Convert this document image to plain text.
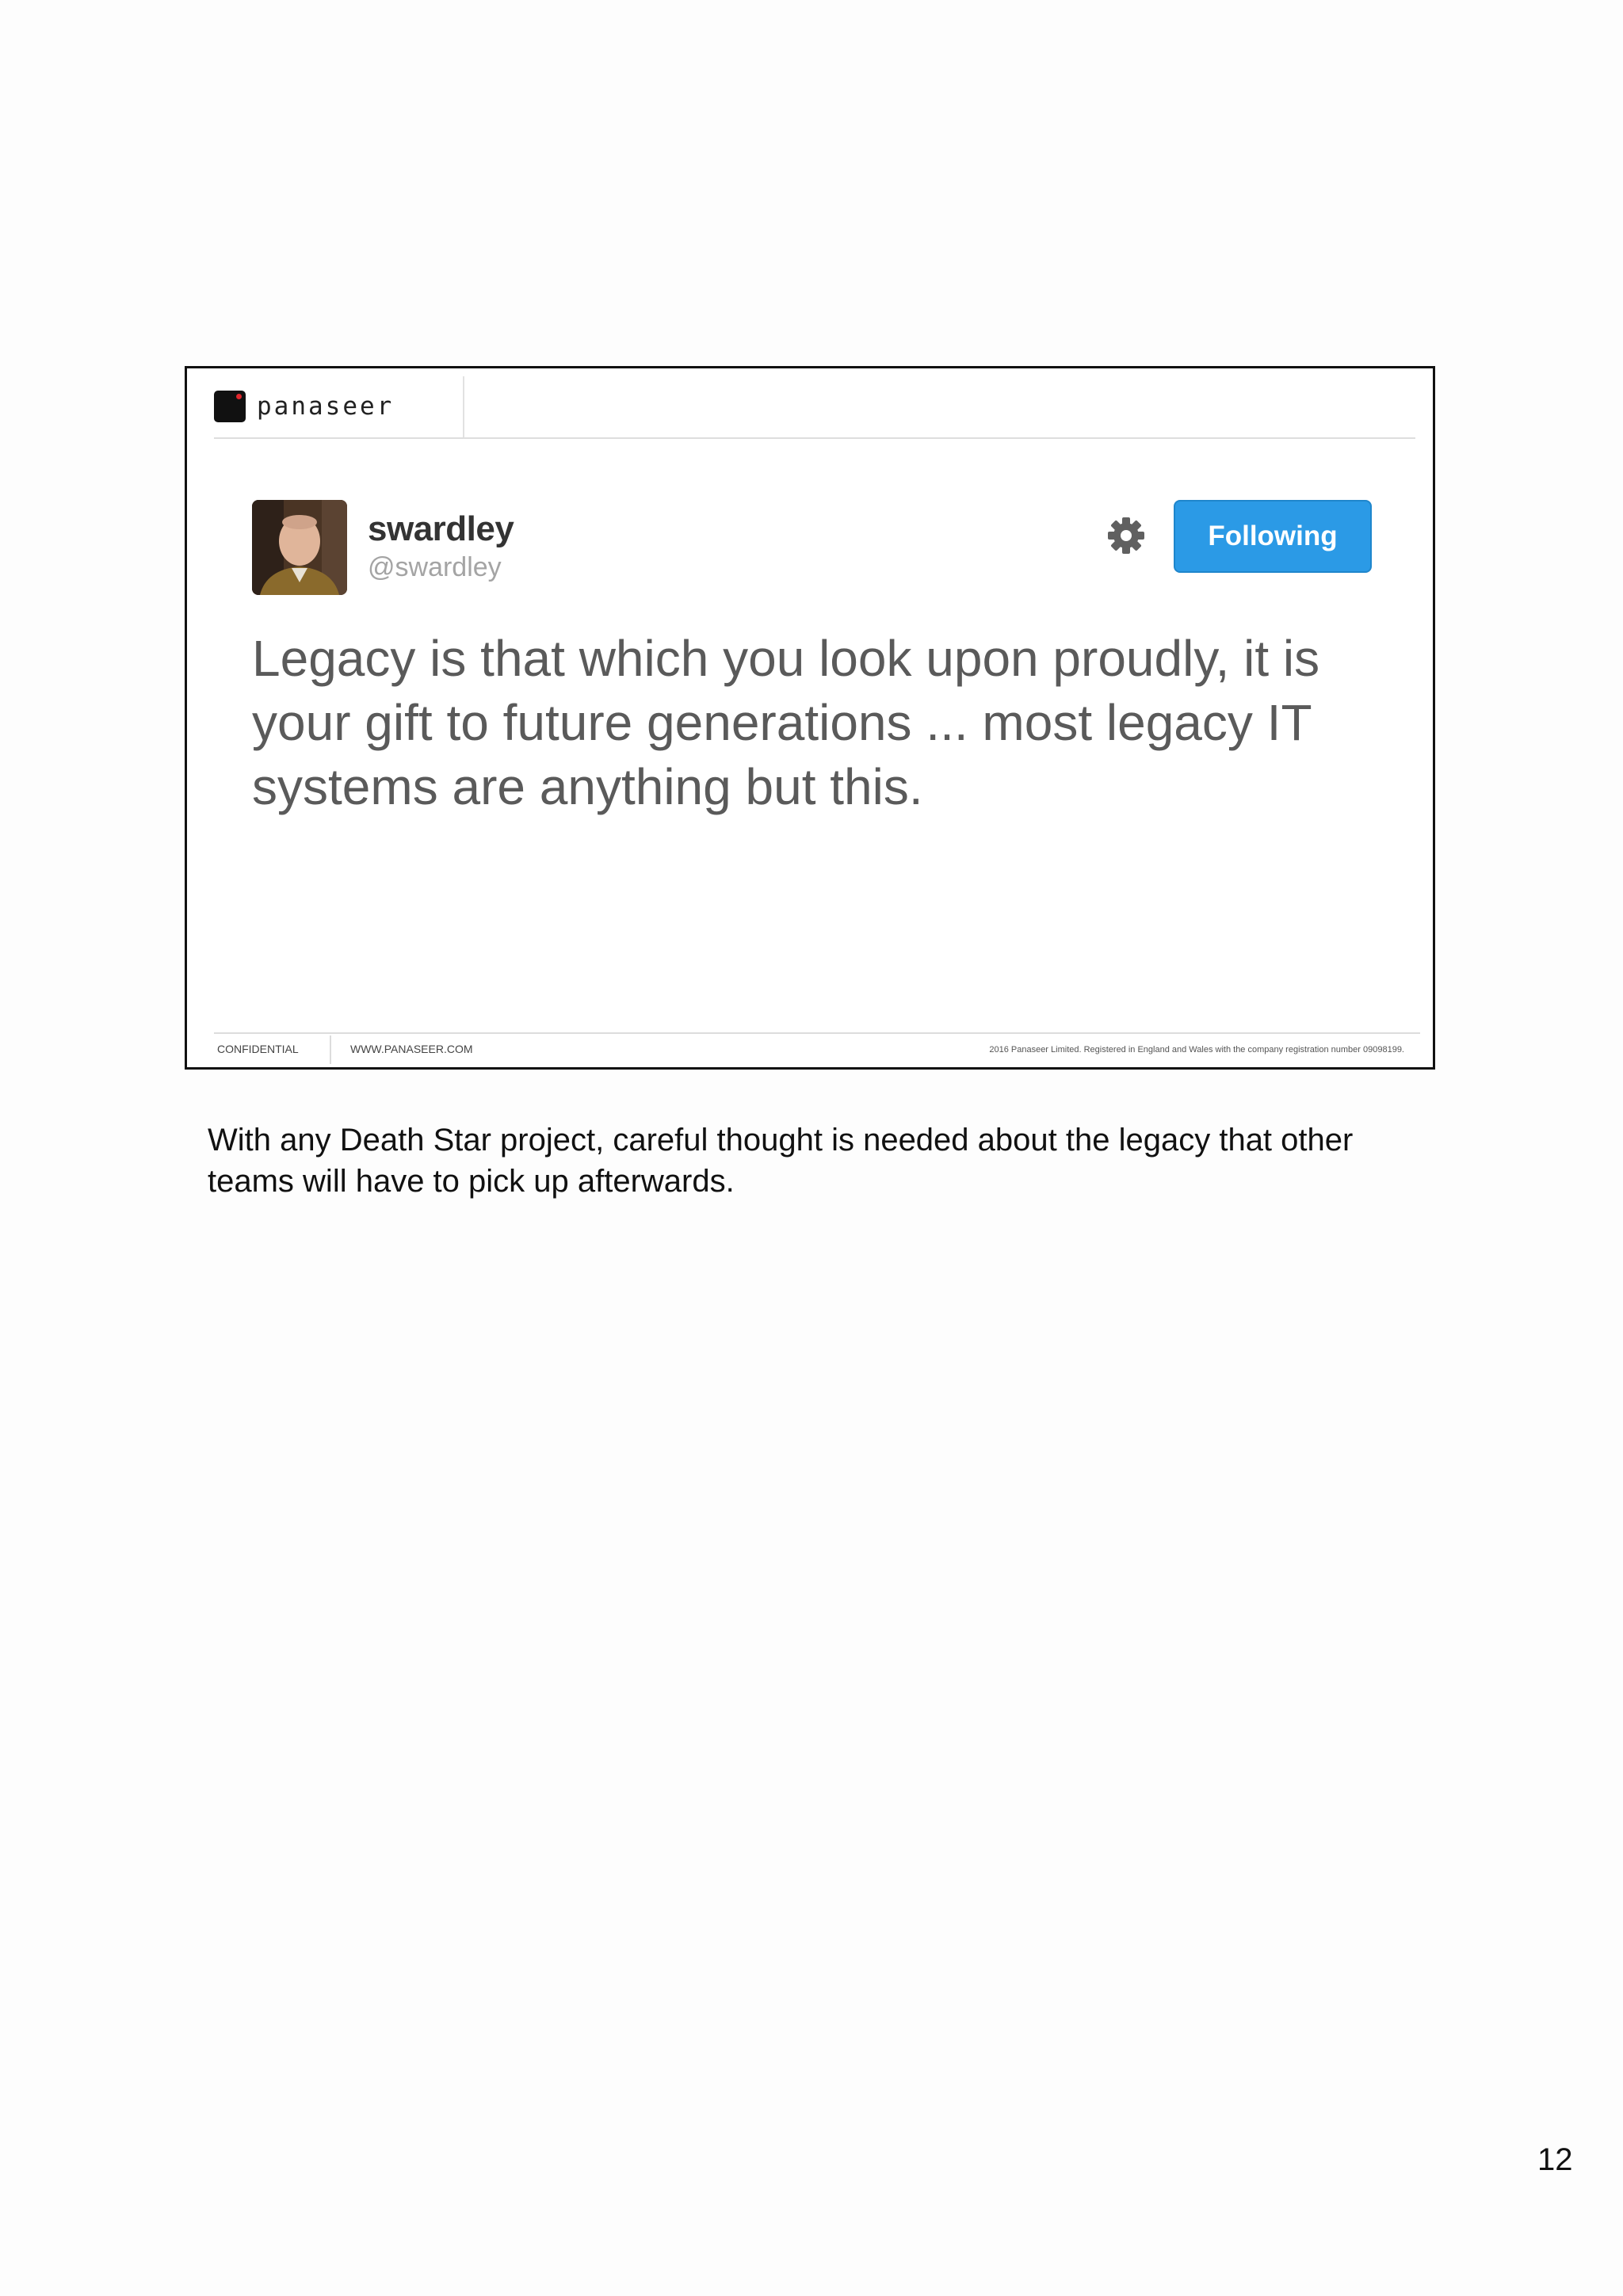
panaseer
swardley
@swardley
Following

Legacy is that which you look upon proudly, it is your gift to future generations ... most legacy IT systems are anything but this.

CONFIDENTIAL	WWW.PANASEER.COM	2016 Panaseer Limited. Registered in England and Wales with the company registration number 09098199.

With any Death Star project, careful thought is needed about the legacy that other teams will have to pick up afterwards.

12
